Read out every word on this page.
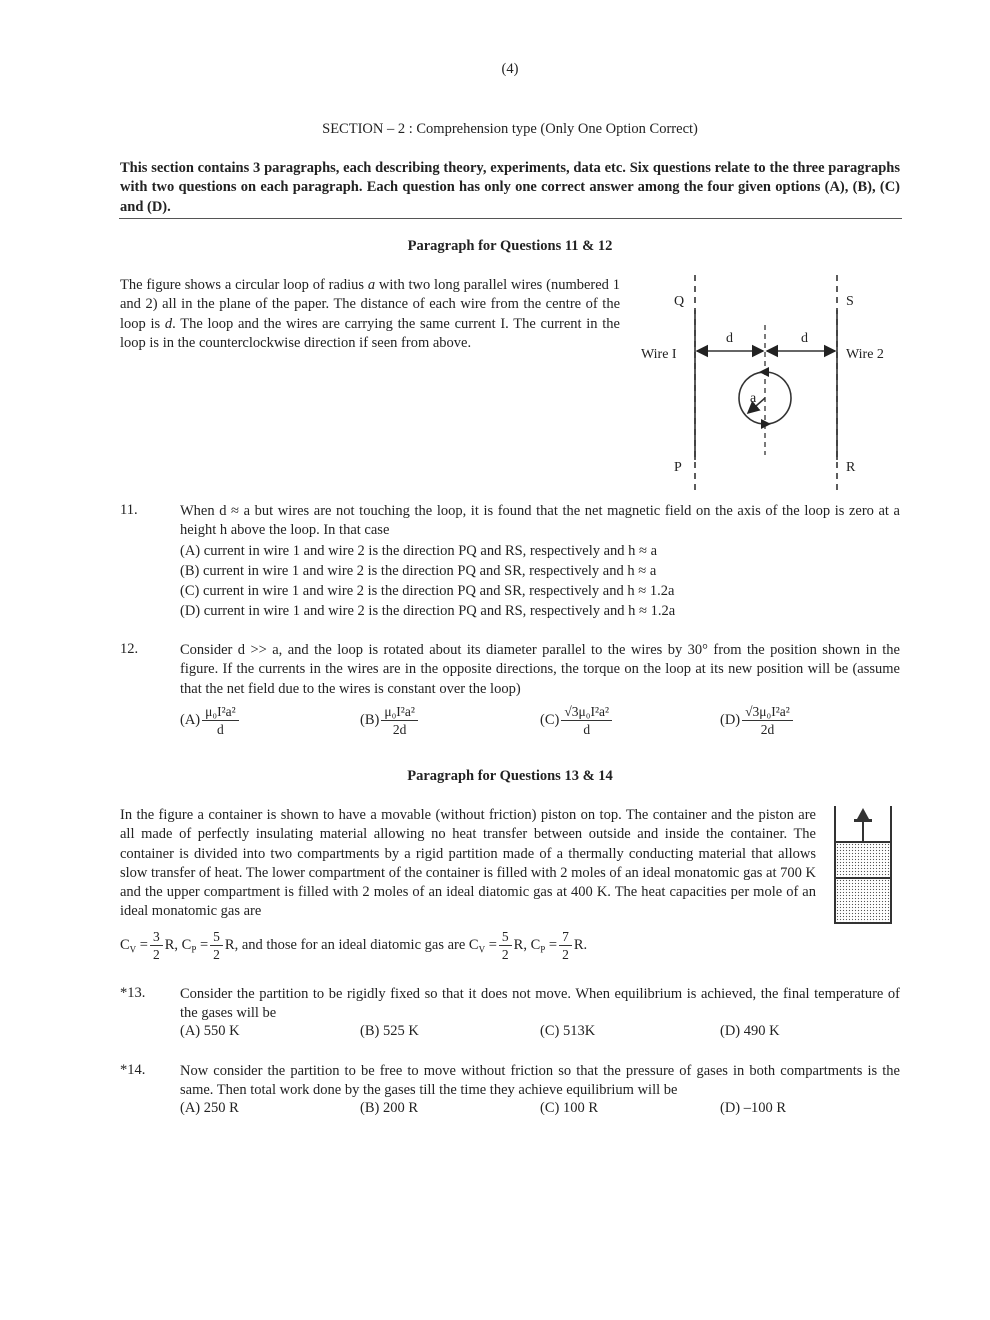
(4)
SECTION – 2 : Comprehension type (Only One Option Correct)
This section contains 3 paragraphs, each describing theory, experiments, data etc. Six questions relate to the three paragraphs with two questions on each paragraph. Each question has only one correct answer among the four given options (A), (B), (C) and (D).
Paragraph for Questions 11 & 12
The figure shows a circular loop of radius a with two long parallel wires (numbered 1 and 2) all in the plane of the paper. The distance of each wire from the centre of the loop is d. The loop and the wires are carrying the same current I. The current in the loop is in the counterclockwise direction if seen from above.
Q	S
P	R
Wire I	Wire 2
d	d
a
11.	When d ≈ a but wires are not touching the loop, it is found that the net magnetic field on the axis of the loop is zero at a height h above the loop. In that case
(A) current in wire 1 and wire 2 is the direction PQ and RS, respectively and h ≈ a
(B) current in wire 1 and wire 2 is the direction PQ and SR, respectively and h ≈ a
(C) current in wire 1 and wire 2 is the direction PQ and SR, respectively and h ≈ 1.2a
(D) current in wire 1 and wire 2 is the direction PQ and RS, respectively and h ≈ 1.2a
12.	Consider d >> a, and the loop is rotated about its diameter parallel to the wires by 30° from the position shown in the figure. If the currents in the wires are in the opposite directions, the torque on the loop at its new position will be (assume that the net field due to the wires is constant over the loop)
$(A) \frac{\text{μ₀I²a²}}{d}$	$(B) \frac{\text{μ₀I²a²}}{2d}$	$(C) \frac{\text{√3μ₀I²a²}}{d}$	$(D) \frac{\text{√3μ₀I²a²}}{2d}$
Paragraph for Questions 13 & 14
In the figure a container is shown to have a movable (without friction) piston on top. The container and the piston are all made of perfectly insulating material allowing no heat transfer between outside and inside the container. The container is divided into two compartments by a rigid partition made of a thermally conducting material that allows slow transfer of heat. The lower compartment of the container is filled with 2 moles of an ideal monatomic gas at 700 K and the upper compartment is filled with 2 moles of an ideal diatomic gas at 400 K. The heat capacities per mole of an ideal monatomic gas are
$C_V = \frac{3}{2} R$, $C_P = \frac{5}{2} R$, and those for an ideal diatomic gas are $C_V = \frac{5}{2} R$, $C_P = \frac{7}{2} R$.
*13. Consider the partition to be rigidly fixed so that it does not move. When equilibrium is achieved, the final temperature of the gases will be
(A) 550 K	(B) 525 K	(C) 513K	(D) 490 K
*14. Now consider the partition to be free to move without friction so that the pressure of gases in both compartments is the same. Then total work done by the gases till the time they achieve equilibrium will be
(A) 250 R	(B) 200 R	(C) 100 R	(D) –100 R
